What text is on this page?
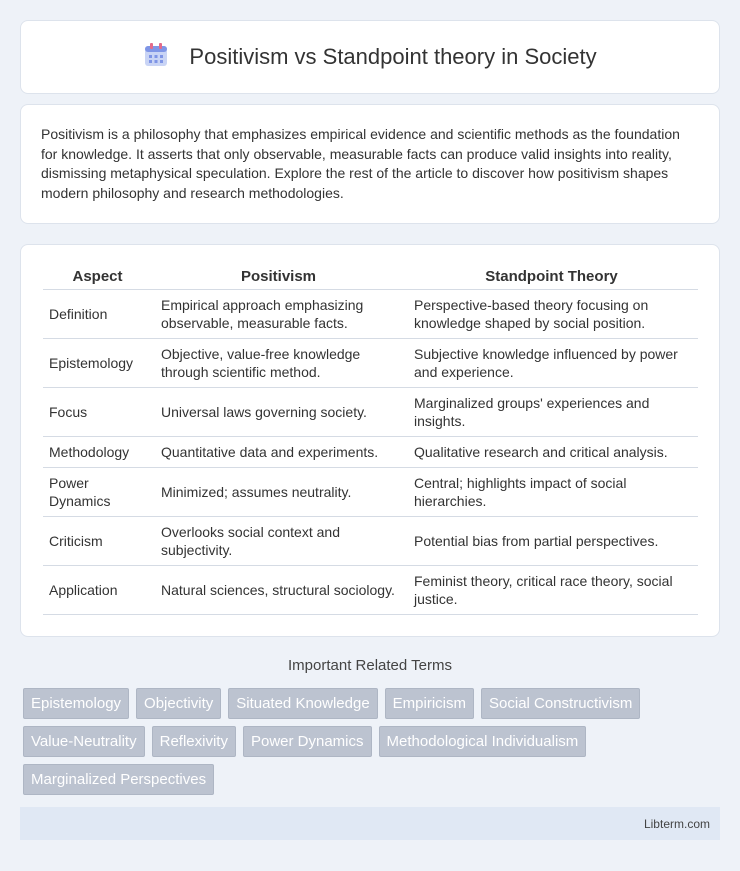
Positivism vs Standpoint theory in Society

Positivism is a philosophy that emphasizes empirical evidence and scientific methods as the foundation for knowledge. It asserts that only observable, measurable facts can produce valid insights into reality, dismissing metaphysical speculation. Explore the rest of the article to discover how positivism shapes modern philosophy and research methodologies.

Aspect	Positivism	Standpoint Theory
Definition	Empirical approach emphasizing observable, measurable facts.	Perspective-based theory focusing on knowledge shaped by social position.
Epistemology	Objective, value-free knowledge through scientific method.	Subjective knowledge influenced by power and experience.
Focus	Universal laws governing society.	Marginalized groups' experiences and insights.
Methodology	Quantitative data and experiments.	Qualitative research and critical analysis.
Power Dynamics	Minimized; assumes neutrality.	Central; highlights impact of social hierarchies.
Criticism	Overlooks social context and subjectivity.	Potential bias from partial perspectives.
Application	Natural sciences, structural sociology.	Feminist theory, critical race theory, social justice.
Important Related Terms
Epistemology	Objectivity	Situated Knowledge	Empiricism	Social Constructivism
Value-Neutrality	Reflexivity	Power Dynamics	Methodological Individualism
Marginalized Perspectives
Libterm.com
